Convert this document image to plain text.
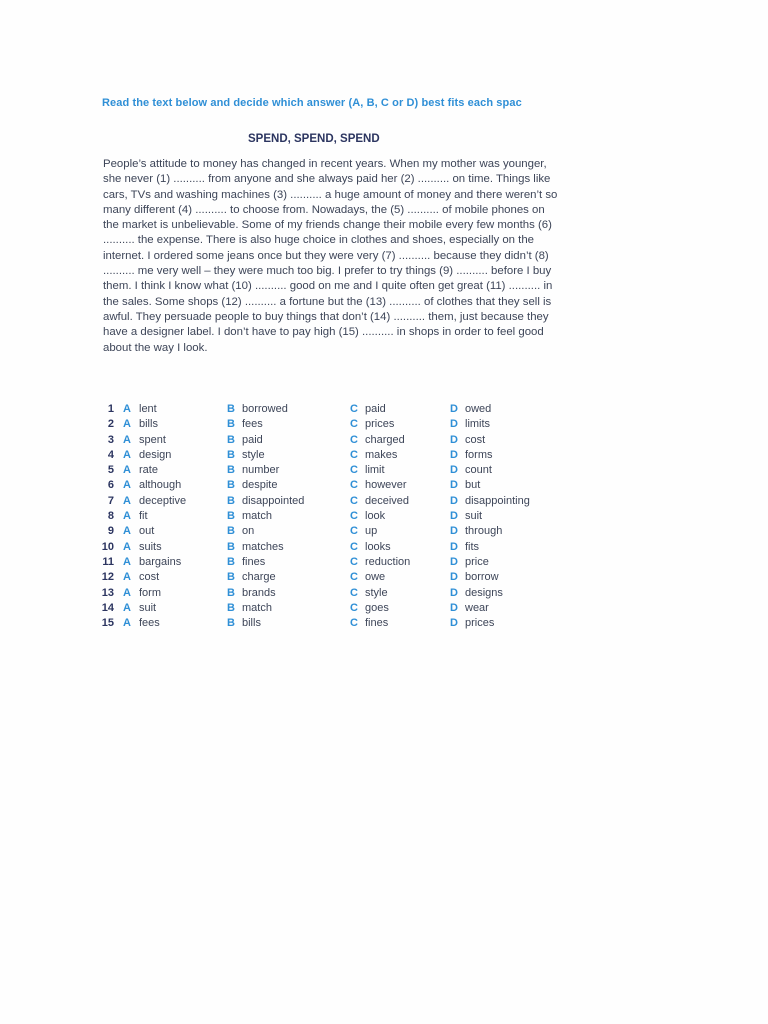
Read the text below and decide which answer (A, B, C or D) best fits each spac
SPEND, SPEND, SPEND
People’s attitude to money has changed in recent years. When my mother was younger, she never (1) .......... from anyone and she always paid her (2) .......... on time. Things like cars, TVs and washing machines (3) .......... a huge amount of money and there weren’t so many different (4) .......... to choose from. Nowadays, the (5) .......... of mobile phones on the market is unbelievable. Some of my friends change their mobile every few months (6) .......... the expense. There is also huge choice in clothes and shoes, especially on the internet. I ordered some jeans once but they were very (7) .......... because they didn’t (8) .......... me very well – they were much too big. I prefer to try things (9) .......... before I buy them. I think I know what (10) .......... good on me and I quite often get great (11) .......... in the sales. Some shops (12) .......... a fortune but the (13) .......... of clothes that they sell is awful. They persuade people to buy things that don’t (14) .......... them, just because they have a designer label. I don’t have to pay high (15) .......... in shops in order to feel good about the way I look.
1 A lent	B borrowed	C paid	D owed
2 A bills	B fees	C prices	D limits
3 A spent	B paid	C charged	D cost
4 A design	B style	C makes	D forms
5 A rate	B number	C limit	D count
6 A although	B despite	C however	D but
7 A deceptive	B disappointed	C deceived	D disappointing
8 A fit	B match	C look	D suit
9 A out	B on	C up	D through
10 A suits	B matches	C looks	D fits
11 A bargains	B fines	C reduction	D price
12 A cost	B charge	C owe	D borrow
13 A form	B brands	C style	D designs
14 A suit	B match	C goes	D wear
15 A fees	B bills	C fines	D prices
